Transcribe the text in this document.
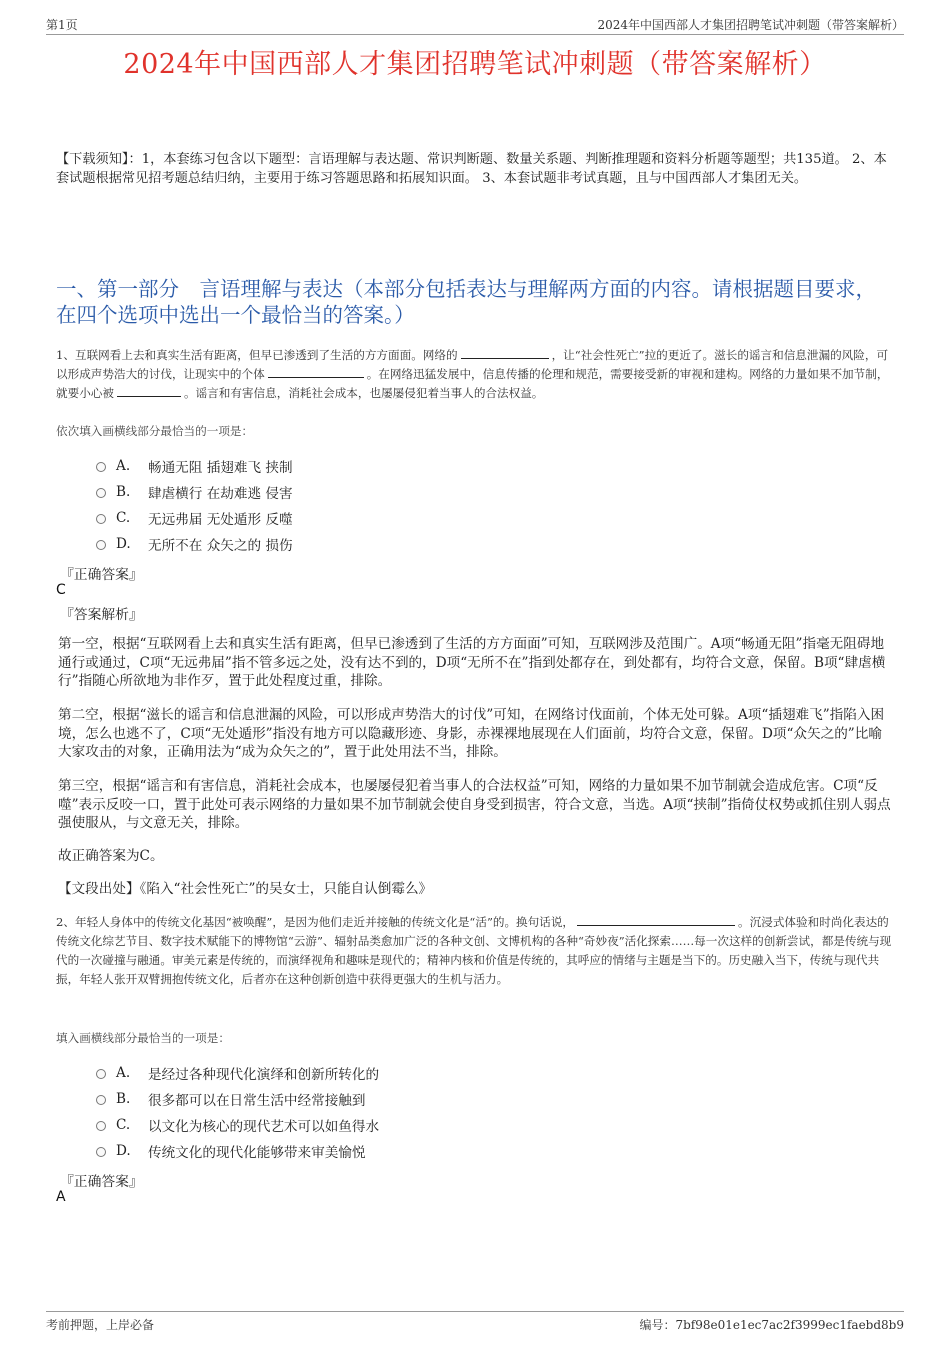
第1页	2024年中国西部人才集团招聘笔试冲刺题（带答案解析）
2024年中国西部人才集团招聘笔试冲刺题（带答案解析）
【下载须知】：1，本套练习包含以下题型：言语理解与表达题、常识判断题、数量关系题、判断推理题和资料分析题等题型；共135道。 2、本套试题根据常见招考题总结归纳，主要用于练习答题思路和拓展知识面。 3、本套试题非考试真题，且与中国西部人才集团无关。
一、第一部分　言语理解与表达（本部分包括表达与理解两方面的内容。请根据题目要求，在四个选项中选出一个最恰当的答案。）
1、互联网看上去和真实生活有距离，但早已渗透到了生活的方方面面。网络的	，让“社会性死亡”拉的更近了。滋长的谣言和信息泄漏的风险，可以形成声势浩大的讨伐，让现实中的个体	。在网络迅猛发展中，信息传播的伦理和规范，需要接受新的审视和建构。网络的力量如果不加节制，就要小心被	。谣言和有害信息，消耗社会成本，也屡屡侵犯着当事人的合法权益。
依次填入画横线部分最恰当的一项是：
A.	畅通无阻 插翅难飞 挟制
B.	肆虐横行 在劫难逃 侵害
C.	无远弗届 无处遁形 反噬
D.	无所不在 众矢之的 损伤
『正确答案』
C
『答案解析』
第一空，根据“互联网看上去和真实生活有距离，但早已渗透到了生活的方方面面”可知，互联网涉及范围广。A项“畅通无阻”指毫无阻碍地通行或通过，C项“无远弗届”指不管多远之处，没有达不到的，D项“无所不在”指到处都存在，到处都有，均符合文意，保留。B项“肆虐横行”指随心所欲地为非作歹，置于此处程度过重，排除。
第二空，根据“滋长的谣言和信息泄漏的风险，可以形成声势浩大的讨伐”可知，在网络讨伐面前，个体无处可躲。A项“插翅难飞”指陷入困境，怎么也逃不了，C项“无处遁形”指没有地方可以隐藏形迹、身影，赤裸裸地展现在人们面前，均符合文意，保留。D项“众矢之的”比喻大家攻击的对象，正确用法为“成为众矢之的”，置于此处用法不当，排除。
第三空，根据“谣言和有害信息，消耗社会成本，也屡屡侵犯着当事人的合法权益”可知，网络的力量如果不加节制就会造成危害。C项“反噬”表示反咬一口，置于此处可表示网络的力量如果不加节制就会使自身受到损害，符合文意，当选。A项“挟制”指倚仗权势或抓住别人弱点强使服从，与文意无关，排除。
故正确答案为C。
【文段出处】《陷入“社会性死亡”的吴女士，只能自认倒霉么》
2、年轻人身体中的传统文化基因“被唤醒”，是因为他们走近并接触的传统文化是“活”的。换句话说，	。沉浸式体验和时尚化表达的传统文化综艺节目、数字技术赋能下的博物馆“云游”、辐射品类愈加广泛的各种文创、文博机构的各种“奇妙夜”活化探索……每一次这样的创新尝试，都是传统与现代的一次碰撞与融通。审美元素是传统的，而演绎视角和趣味是现代的；精神内核和价值是传统的，其呼应的情绪与主题是当下的。历史融入当下，传统与现代共振，年轻人张开双臂拥抱传统文化，后者亦在这种创新创造中获得更强大的生机与活力。
填入画横线部分最恰当的一项是：
A.	是经过各种现代化演绎和创新所转化的
B.	很多都可以在日常生活中经常接触到
C.	以文化为核心的现代艺术可以如鱼得水
D.	传统文化的现代化能够带来审美愉悦
『正确答案』
A
考前押题，上岸必备	编号：7bf98e01e1ec7ac2f3999ec1faebd8b9
